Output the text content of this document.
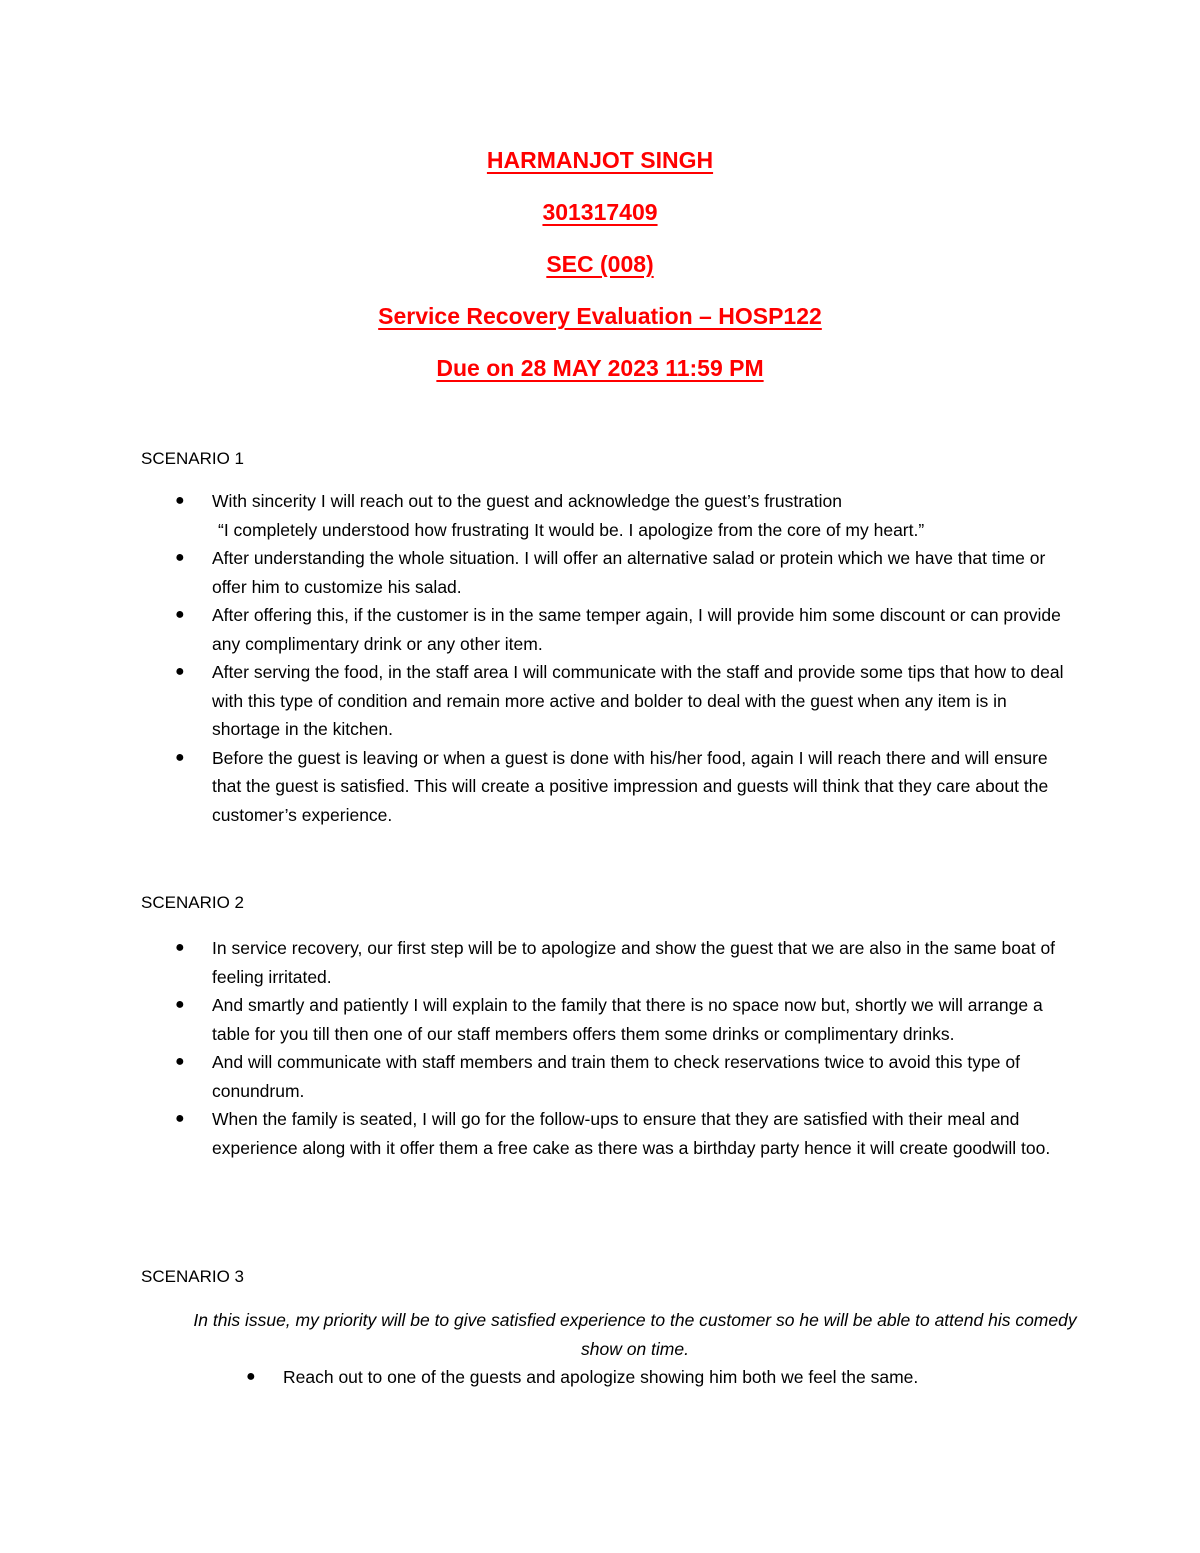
HARMANJOT SINGH
301317409
SEC (008)
Service Recovery Evaluation – HOSP122
Due on 28 MAY 2023 11:59 PM
SCENARIO 1
● With sincerity I will reach out to the guest and acknowledge the guest’s frustration
“I completely understood how frustrating It would be. I apologize from the core of my heart.”
● After understanding the whole situation. I will offer an alternative salad or protein which we have that time or offer him to customize his salad.
● After offering this, if the customer is in the same temper again, I will provide him some discount or can provide any complimentary drink or any other item.
● After serving the food, in the staff area I will communicate with the staff and provide some tips that how to deal with this type of condition and remain more active and bolder to deal with the guest when any item is in shortage in the kitchen.
● Before the guest is leaving or when a guest is done with his/her food, again I will reach there and will ensure that the guest is satisfied. This will create a positive impression and guests will think that they care about the customer’s experience.
SCENARIO 2
● In service recovery, our first step will be to apologize and show the guest that we are also in the same boat of feeling irritated.
● And smartly and patiently I will explain to the family that there is no space now but, shortly we will arrange a table for you till then one of our staff members offers them some drinks or complimentary drinks.
● And will communicate with staff members and train them to check reservations twice to avoid this type of conundrum.
● When the family is seated, I will go for the follow-ups to ensure that they are satisfied with their meal and experience along with it offer them a free cake as there was a birthday party hence it will create goodwill too.
SCENARIO 3
In this issue, my priority will be to give satisfied experience to the customer so he will be able to attend his comedy show on time.
● Reach out to one of the guests and apologize showing him both we feel the same.
